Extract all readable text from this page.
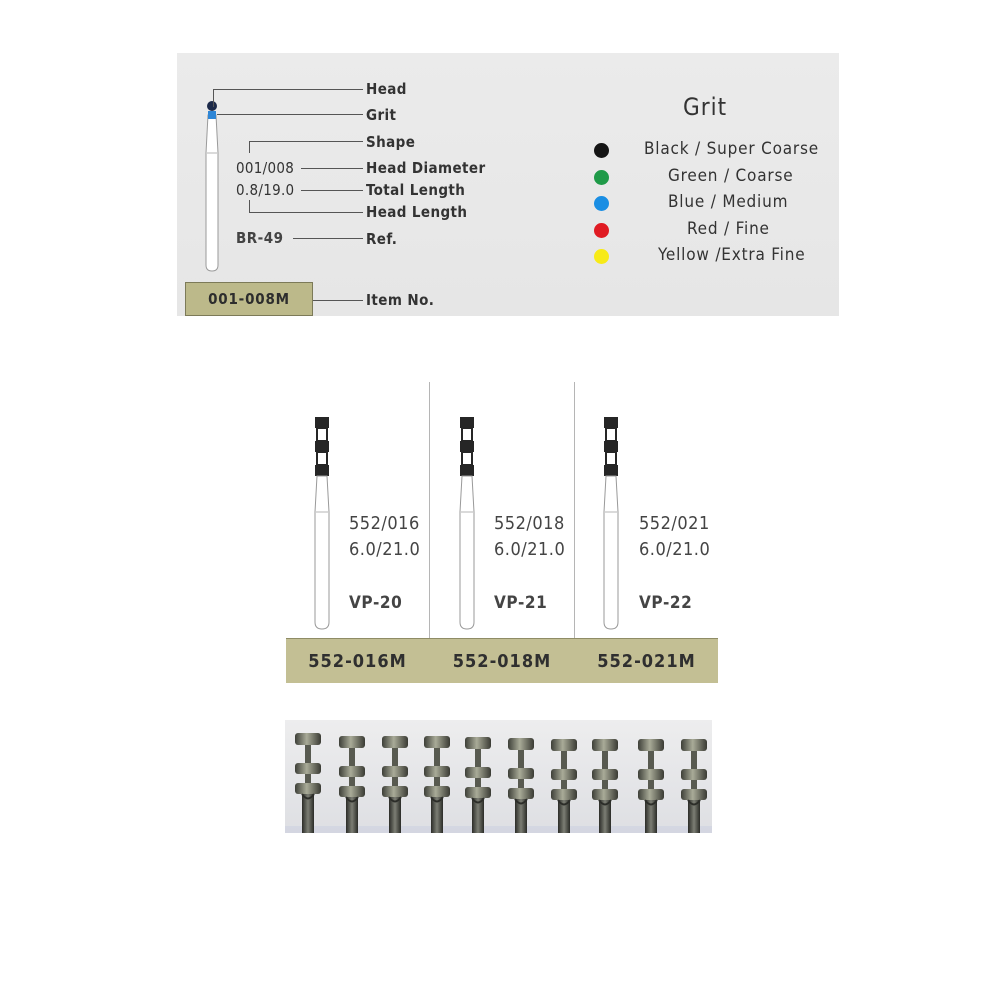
Head
Grit
Shape
Head Diameter
Total Length
Head Length
Ref.
Item No.
001/008
0.8/19.0
BR-49
001-008M
Grit
Black / Super Coarse
Green / Coarse
Blue / Medium
Red / Fine
Yellow /Extra Fine
552/016
6.0/21.0
VP-20
552/018
6.0/21.0
VP-21
552/021
6.0/21.0
VP-22
552-016M	552-018M	552-021M
